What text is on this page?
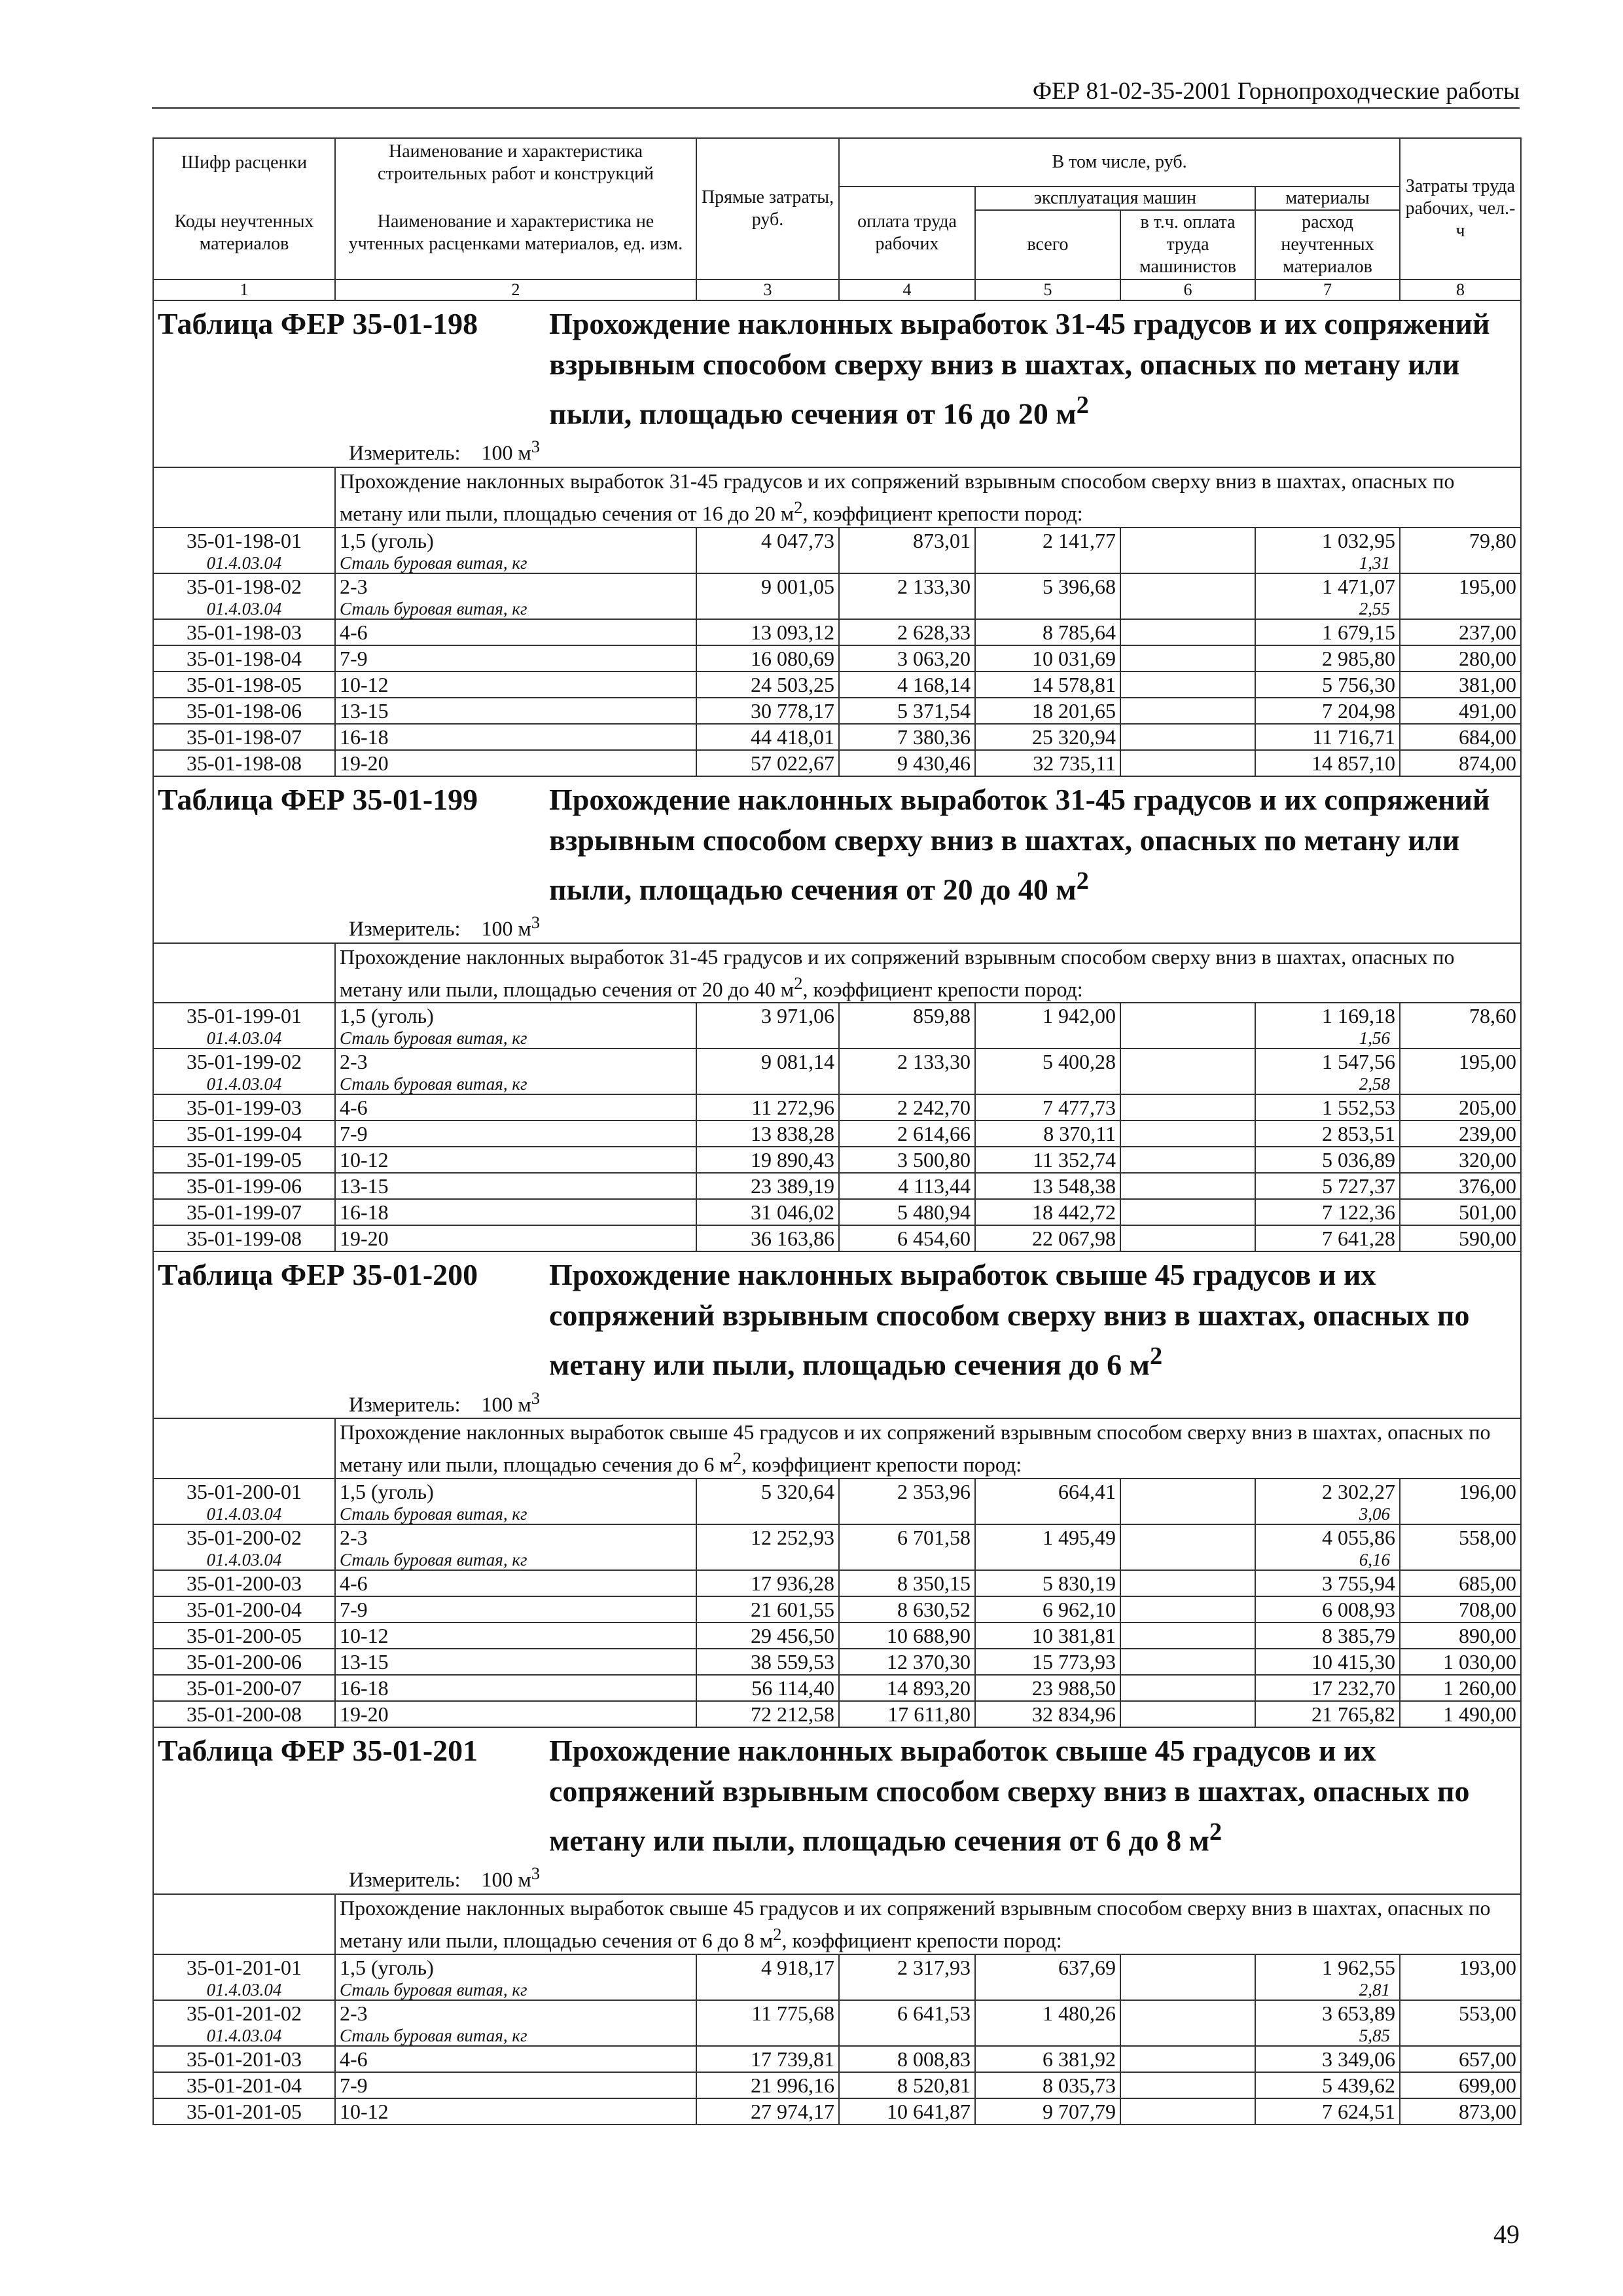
ФЕР 81-02-35-2001 Горнопроходческие работы
Шифр расценки	Наименование и характеристика строительных работ и конструкций	Прямые затраты, руб.	В том числе, руб.				Затраты труда рабочих, чел.-ч
Коды неучтенных материалов	Наименование и характеристика не учтенных расценками материалов, ед. изм.		оплата труда рабочих	эксплуатация машин		материалы	
				всего	в т.ч. оплата труда машинистов	расход неучтенных материалов	
1	2	3	4	5	6	7	8

Таблица ФЕР 35-01-198 Прохождение наклонных выработок 31-45 градусов и их сопряжений взрывным способом сверху вниз в шахтах, опасных по метану или пыли, площадью сечения от 16 до 20 $м^2$
Измеритель: 100 $м^3$

	Прохождение наклонных выработок 31-45 градусов и их сопряжений взрывным способом сверху вниз в шахтах, опасных по метану или пыли, площадью сечения от 16 до 20 $м^2$, коэффициент крепости пород:						
35-01-198-01	1,5 (уголь)	4 047,73	873,01	2 141,77		1 032,95	79,80
01.4.03.04	Сталь буровая витая, кг					1,31	
35-01-198-02	2-3	9 001,05	2 133,30	5 396,68		1 471,07	195,00
01.4.03.04	Сталь буровая витая, кг					2,55	
35-01-198-03	4-6	13 093,12	2 628,33	8 785,64		1 679,15	237,00
35-01-198-04	7-9	16 080,69	3 063,20	10 031,69		2 985,80	280,00
35-01-198-05	10-12	24 503,25	4 168,14	14 578,81		5 756,30	381,00
35-01-198-06	13-15	30 778,17	5 371,54	18 201,65		7 204,98	491,00
35-01-198-07	16-18	44 418,01	7 380,36	25 320,94		11 716,71	684,00
35-01-198-08	19-20	57 022,67	9 430,46	32 735,11		14 857,10	874,00

Таблица ФЕР 35-01-199 Прохождение наклонных выработок 31-45 градусов и их сопряжений взрывным способом сверху вниз в шахтах, опасных по метану или пыли, площадью сечения от 20 до 40 $м^2$
Измеритель: 100 $м^3$

	Прохождение наклонных выработок 31-45 градусов и их сопряжений взрывным способом сверху вниз в шахтах, опасных по метану или пыли, площадью сечения от 20 до 40 $м^2$, коэффициент крепости пород:						
35-01-199-01	1,5 (уголь)	3 971,06	859,88	1 942,00		1 169,18	78,60
01.4.03.04	Сталь буровая витая, кг					1,56	
35-01-199-02	2-3	9 081,14	2 133,30	5 400,28		1 547,56	195,00
01.4.03.04	Сталь буровая витая, кг					2,58	
35-01-199-03	4-6	11 272,96	2 242,70	7 477,73		1 552,53	205,00
35-01-199-04	7-9	13 838,28	2 614,66	8 370,11		2 853,51	239,00
35-01-199-05	10-12	19 890,43	3 500,80	11 352,74		5 036,89	320,00
35-01-199-06	13-15	23 389,19	4 113,44	13 548,38		5 727,37	376,00
35-01-199-07	16-18	31 046,02	5 480,94	18 442,72		7 122,36	501,00
35-01-199-08	19-20	36 163,86	6 454,60	22 067,98		7 641,28	590,00

Таблица ФЕР 35-01-200 Прохождение наклонных выработок свыше 45 градусов и их сопряжений взрывным способом сверху вниз в шахтах, опасных по метану или пыли, площадью сечения до 6 $м^2$
Измеритель: 100 $м^3$

	Прохождение наклонных выработок свыше 45 градусов и их сопряжений взрывным способом сверху вниз в шахтах, опасных по метану или пыли, площадью сечения до 6 $м^2$, коэффициент крепости пород:						
35-01-200-01	1,5 (уголь)	5 320,64	2 353,96	664,41		2 302,27	196,00
01.4.03.04	Сталь буровая витая, кг					3,06	
35-01-200-02	2-3	12 252,93	6 701,58	1 495,49		4 055,86	558,00
01.4.03.04	Сталь буровая витая, кг					6,16	
35-01-200-03	4-6	17 936,28	8 350,15	5 830,19		3 755,94	685,00
35-01-200-04	7-9	21 601,55	8 630,52	6 962,10		6 008,93	708,00
35-01-200-05	10-12	29 456,50	10 688,90	10 381,81		8 385,79	890,00
35-01-200-06	13-15	38 559,53	12 370,30	15 773,93		10 415,30	1 030,00
35-01-200-07	16-18	56 114,40	14 893,20	23 988,50		17 232,70	1 260,00
35-01-200-08	19-20	72 212,58	17 611,80	32 834,96		21 765,82	1 490,00

Таблица ФЕР 35-01-201 Прохождение наклонных выработок свыше 45 градусов и их сопряжений взрывным способом сверху вниз в шахтах, опасных по метану или пыли, площадью сечения от 6 до 8 $м^2$
Измеритель: 100 $м^3$

	Прохождение наклонных выработок свыше 45 градусов и их сопряжений взрывным способом сверху вниз в шахтах, опасных по метану или пыли, площадью сечения от 6 до 8 $м^2$, коэффициент крепости пород:						
35-01-201-01	1,5 (уголь)	4 918,17	2 317,93	637,69		1 962,55	193,00
01.4.03.04	Сталь буровая витая, кг					2,81	
35-01-201-02	2-3	11 775,68	6 641,53	1 480,26		3 653,89	553,00
01.4.03.04	Сталь буровая витая, кг					5,85	
35-01-201-03	4-6	17 739,81	8 008,83	6 381,92		3 349,06	657,00
35-01-201-04	7-9	21 996,16	8 520,81	8 035,73		5 439,62	699,00
35-01-201-05	10-12	27 974,17	10 641,87	9 707,79		7 624,51	873,00
49
